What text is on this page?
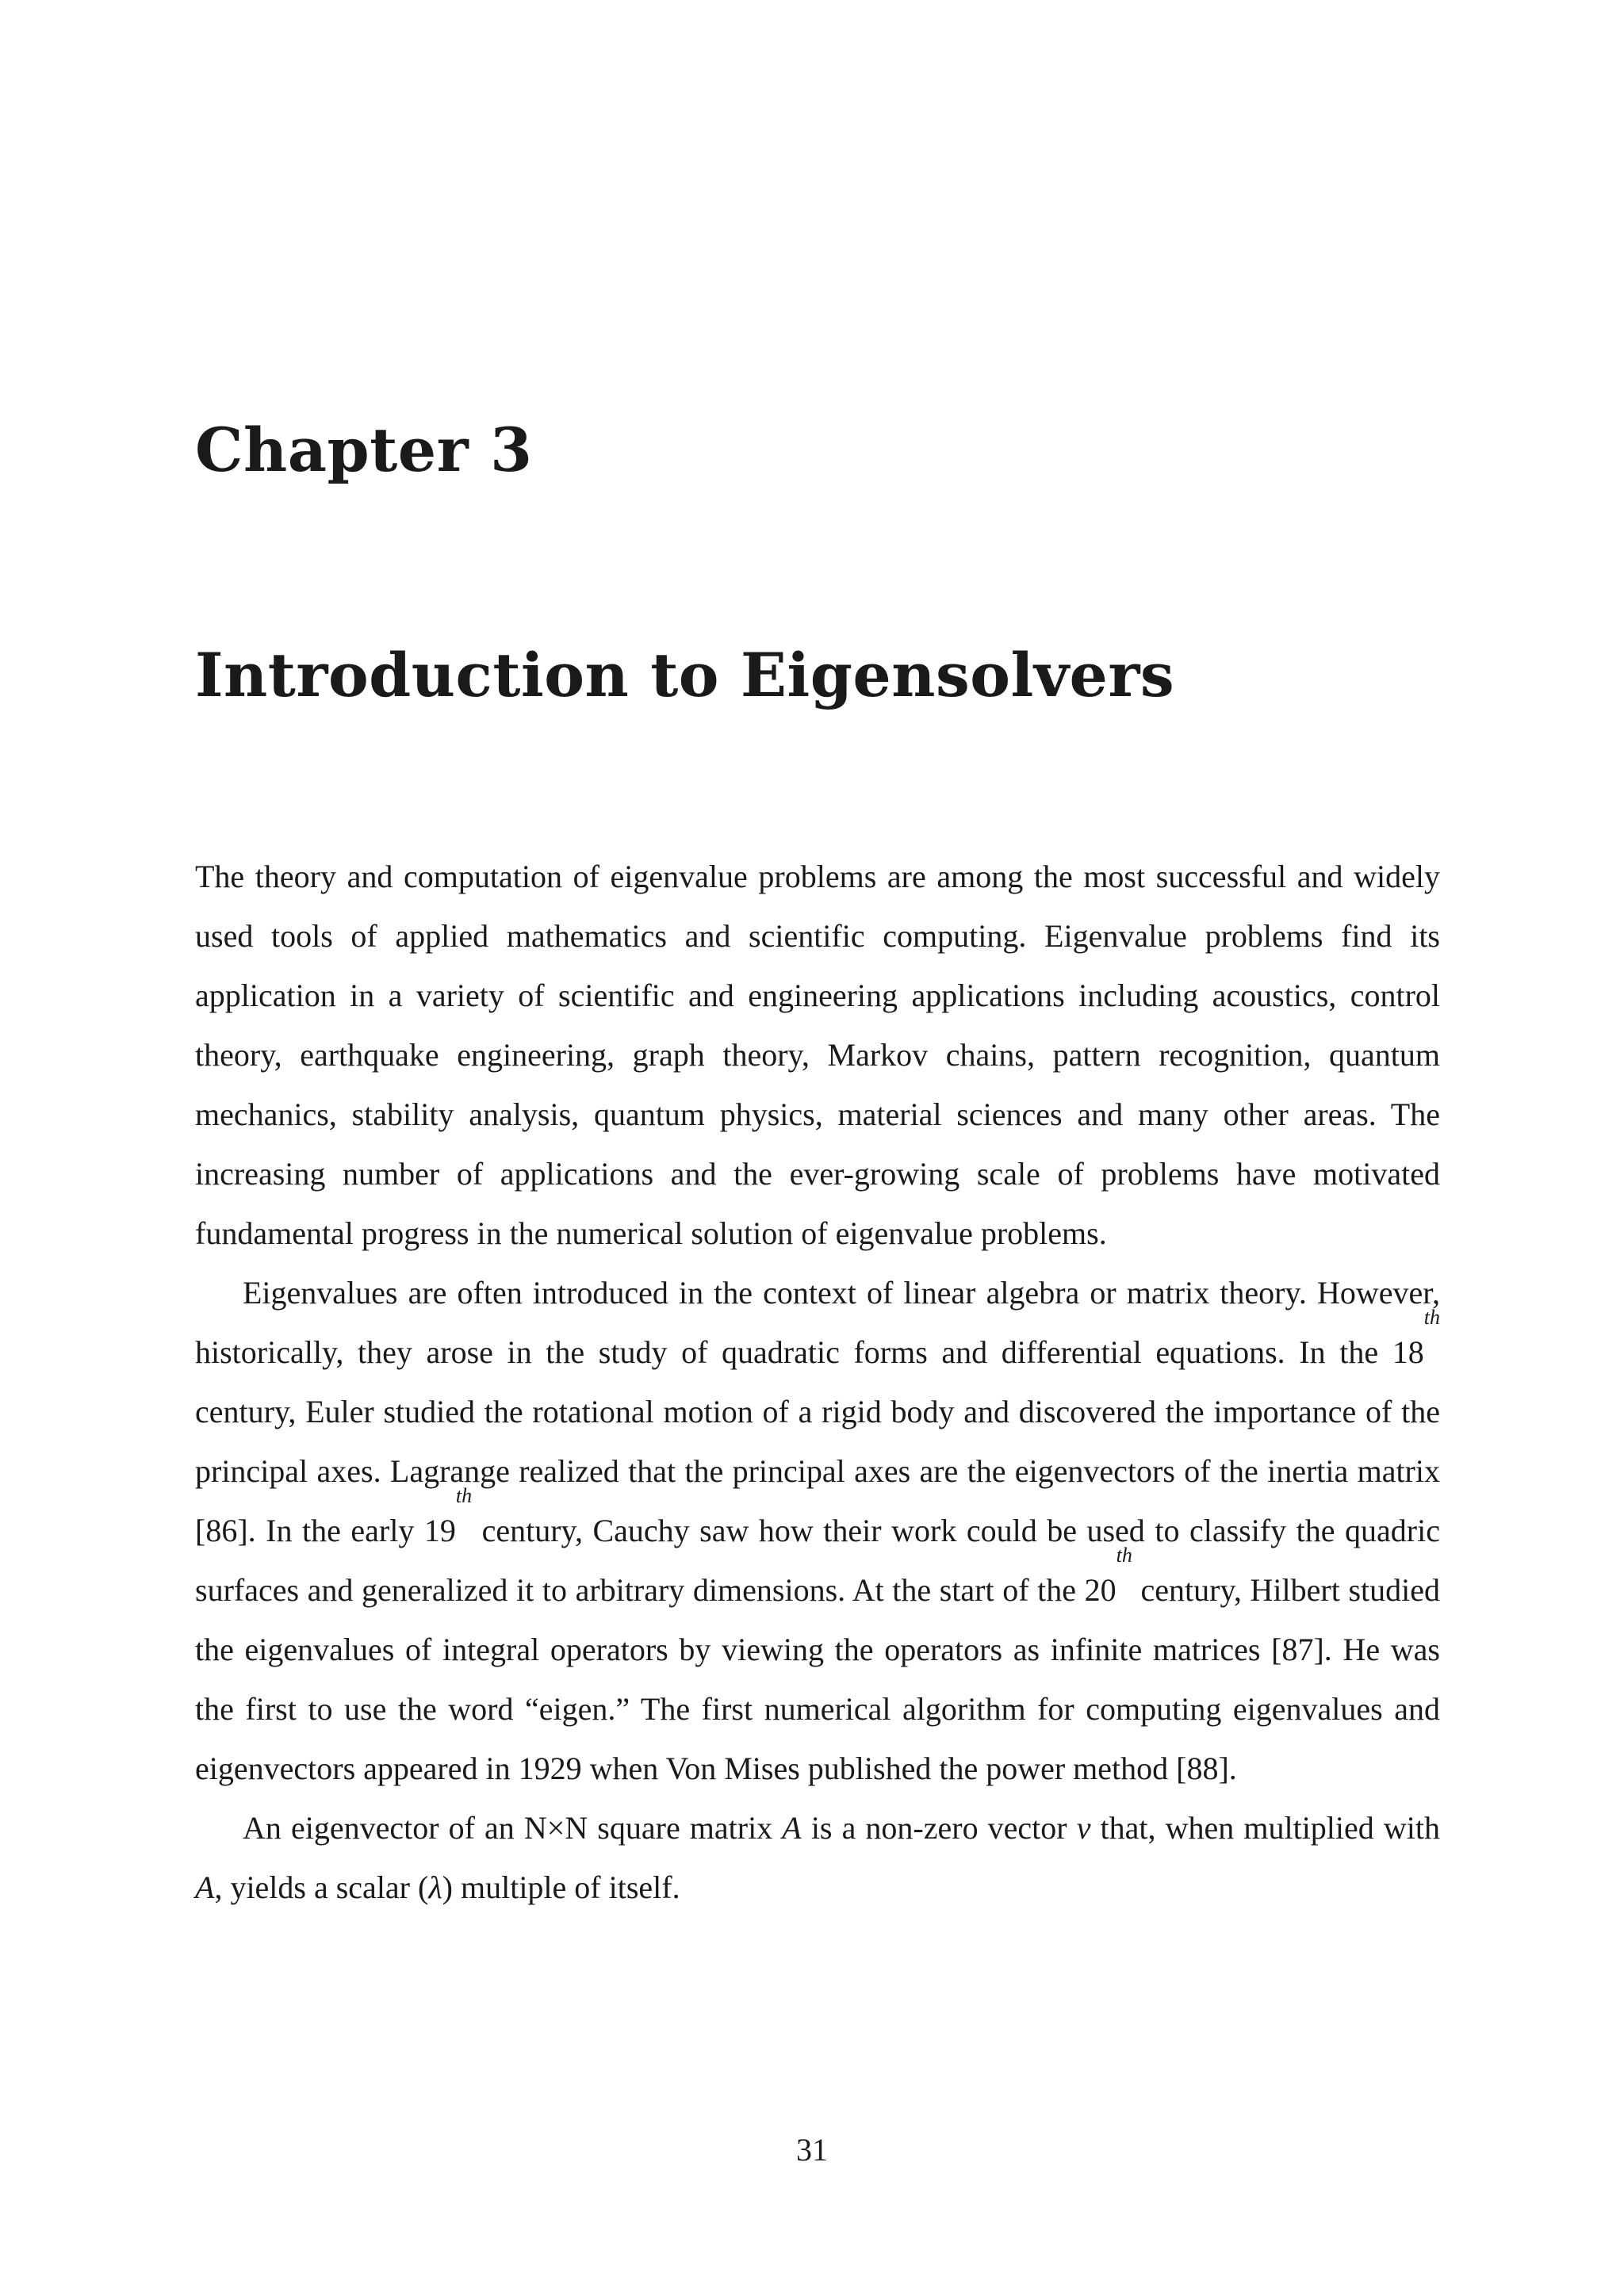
Chapter 3
Introduction to Eigensolvers

The theory and computation of eigenvalue problems are among the most successful and widely used tools of applied mathematics and scientific computing. Eigenvalue problems find its application in a variety of scientific and engineering applications including acoustics, control theory, earthquake engineering, graph theory, Markov chains, pattern recognition, quantum mechanics, stability analysis, quantum physics, material sciences and many other areas. The increasing number of applications and the ever-growing scale of problems have motivated fundamental progress in the numerical solution of eigenvalue problems.

Eigenvalues are often introduced in the context of linear algebra or matrix theory. However, historically, they arose in the study of quadratic forms and differential equations. In the 18th century, Euler studied the rotational motion of a rigid body and discovered the importance of the principal axes. Lagrange realized that the principal axes are the eigenvectors of the inertia matrix [86]. In the early 19th century, Cauchy saw how their work could be used to classify the quadric surfaces and generalized it to arbitrary dimensions. At the start of the 20th century, Hilbert studied the eigenvalues of integral operators by viewing the operators as infinite matrices [87]. He was the first to use the word “eigen.” The first numerical algorithm for computing eigenvalues and eigenvectors appeared in 1929 when Von Mises published the power method [88].

An eigenvector of an N×N square matrix A is a non-zero vector v that, when multiplied with A, yields a scalar (λ) multiple of itself.

31
